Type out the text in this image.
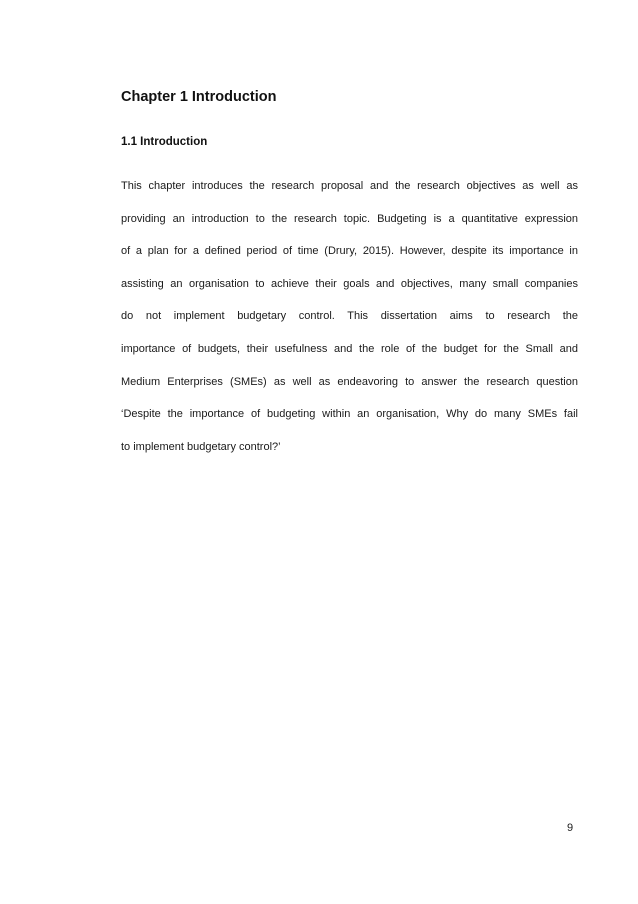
Chapter 1 Introduction
1.1 Introduction
This chapter introduces the research proposal and the research objectives as well as
providing an introduction to the research topic. Budgeting is a quantitative expression
of a plan for a defined period of time (Drury, 2015). However, despite its importance in
assisting an organisation to achieve their goals and objectives, many small companies
do not implement budgetary control. This dissertation aims to research the
importance of budgets, their usefulness and the role of the budget for the Small and
Medium Enterprises (SMEs) as well as endeavoring to answer the research question
‘Despite the importance of budgeting within an organisation, Why do many SMEs fail
to implement budgetary control?’
9
